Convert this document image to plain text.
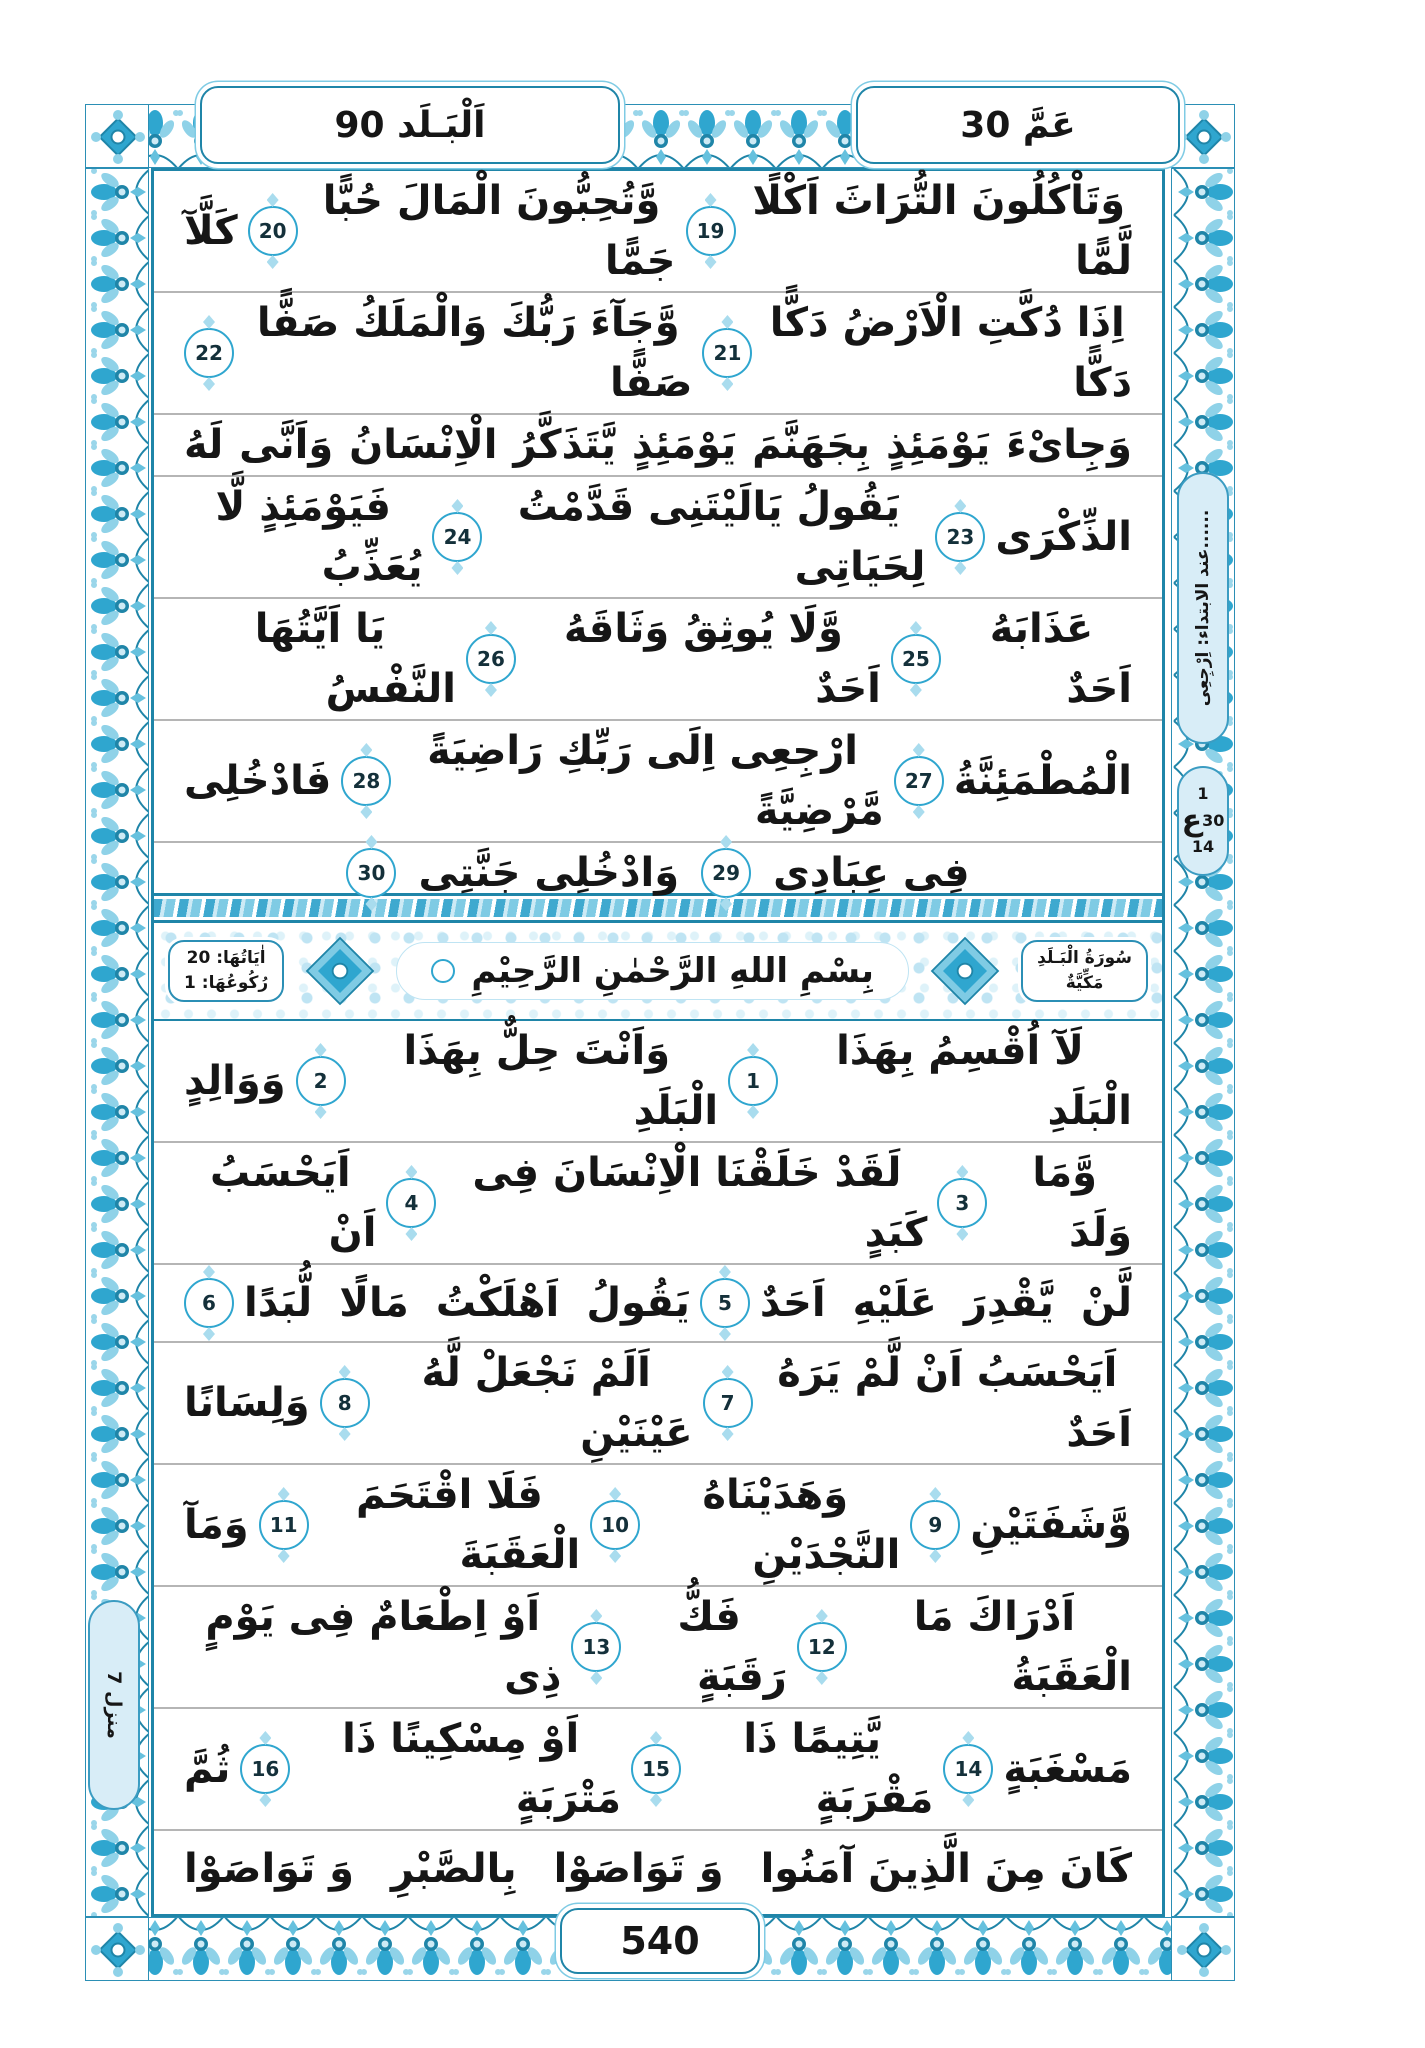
اَلْبَـلَد 90	عَمَّ 30
وَتَاْكُلُونَ التُّرَاثَ اَكْلًا لَّمًّا
19
وَّتُحِبُّونَ الْمَالَ حُبًّا جَمًّا
20
كَلَّآ
اِذَا دُكَّتِ الْاَرْضُ دَكًّا دَكًّا
21
وَّجَآءَ رَبُّكَ وَالْمَلَكُ صَفًّا صَفًّا
22
وَجِاىْءَ يَوْمَئِذٍ بِجَهَنَّمَ يَوْمَئِذٍ يَّتَذَكَّرُ الْاِنْسَانُ وَاَنَّى لَهُ
الذِّكْرَى
23
يَقُولُ يَالَيْتَنِى قَدَّمْتُ لِحَيَاتِى
24
فَيَوْمَئِذٍ لَّا يُعَذِّبُ
عَذَابَهُ اَحَدٌ
25
وَّلَا يُوثِقُ وَثَاقَهُ اَحَدٌ
26
يَا اَيَّتُهَا النَّفْسُ
الْمُطْمَئِنَّةُ
27
ارْجِعِى اِلَى رَبِّكِ رَاضِيَةً مَّرْضِيَّةً
28
فَادْخُلِى
فِى عِبَادِى
29
وَادْخُلِى جَنَّتِى
30
سُورَةُ الْبَـلَدِ
مَكِّيَّةٌ
بِسْمِ اللهِ الرَّحْمٰنِ الرَّحِيْمِ
اٰيَاتُهَا: 20
رُكُوعُهَا: 1
لَآ اُقْسِمُ بِهَذَا الْبَلَدِ
1
وَاَنْتَ حِلٌّ بِهَذَا الْبَلَدِ
2
وَوَالِدٍ
وَّمَا وَلَدَ
3
لَقَدْ خَلَقْنَا الْاِنْسَانَ فِى كَبَدٍ
4
اَيَحْسَبُ اَنْ
لَّنْ يَّقْدِرَ عَلَيْهِ اَحَدٌ
5
يَقُولُ اَهْلَكْتُ مَالًا لُّبَدًا
6
اَيَحْسَبُ اَنْ لَّمْ يَرَهُ اَحَدٌ
7
اَلَمْ نَجْعَلْ لَّهُ عَيْنَيْنِ
8
وَلِسَانًا
وَّشَفَتَيْنِ
9
وَهَدَيْنَاهُ النَّجْدَيْنِ
10
فَلَا اقْتَحَمَ الْعَقَبَةَ
11
وَمَآ
اَدْرَاكَ مَا الْعَقَبَةُ
12
فَكُّ رَقَبَةٍ
13
اَوْ اِطْعَامٌ فِى يَوْمٍ ذِى
مَسْغَبَةٍ
14
يَّتِيمًا ذَا مَقْرَبَةٍ
15
اَوْ مِسْكِينًا ذَا مَتْرَبَةٍ
16
ثُمَّ
كَانَ مِنَ الَّذِينَ آمَنُوا
وَ تَوَاصَوْا
بِالصَّبْرِ
وَ تَوَاصَوْا
......عند الابتداء: اِرْجِعِى
1
ع 30
14
منزل 7
540
